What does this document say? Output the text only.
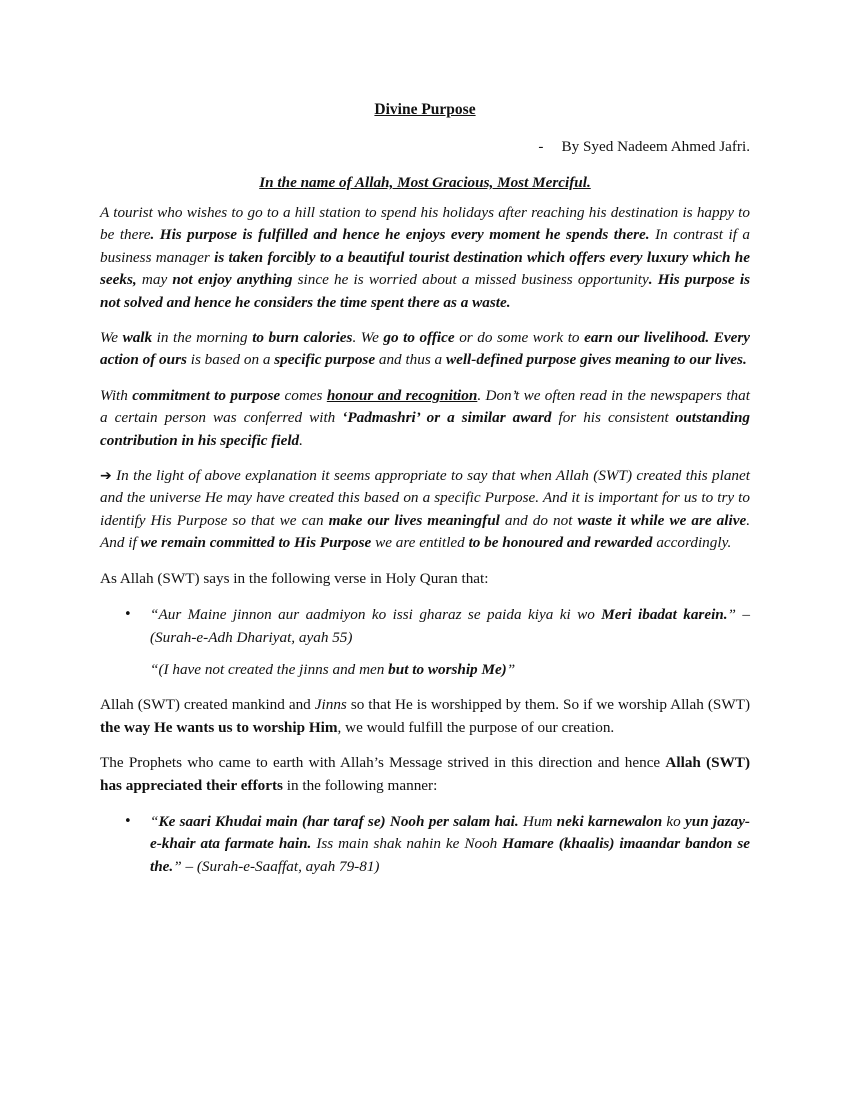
Divine Purpose

- By Syed Nadeem Ahmed Jafri.

In the name of Allah, Most Gracious, Most Merciful.

A tourist who wishes to go to a hill station to spend his holidays after reaching his destination is happy to be there. His purpose is fulfilled and hence he enjoys every moment he spends there. In contrast if a business manager is taken forcibly to a beautiful tourist destination which offers every luxury which he seeks, may not enjoy anything since he is worried about a missed business opportunity. His purpose is not solved and hence he considers the time spent there as a waste.

We walk in the morning to burn calories. We go to office or do some work to earn our livelihood. Every action of ours is based on a specific purpose and thus a well-defined purpose gives meaning to our lives.

With commitment to purpose comes honour and recognition. Don’t we often read in the newspapers that a certain person was conferred with ‘Padmashri’ or a similar award for his consistent outstanding contribution in his specific field.

➔ In the light of above explanation it seems appropriate to say that when Allah (SWT) created this planet and the universe He may have created this based on a specific Purpose. And it is important for us to try to identify His Purpose so that we can make our lives meaningful and do not waste it while we are alive. And if we remain committed to His Purpose we are entitled to be honoured and rewarded accordingly.

As Allah (SWT) says in the following verse in Holy Quran that:

• “Aur Maine jinnon aur aadmiyon ko issi gharaz se paida kiya ki wo Meri ibadat karein.” – (Surah-e-Adh Dhariyat, ayah 55)

“(I have not created the jinns and men but to worship Me)”

Allah (SWT) created mankind and Jinns so that He is worshipped by them. So if we worship Allah (SWT) the way He wants us to worship Him, we would fulfill the purpose of our creation.

The Prophets who came to earth with Allah’s Message strived in this direction and hence Allah (SWT) has appreciated their efforts in the following manner:

• “Ke saari Khudai main (har taraf se) Nooh per salam hai. Hum neki karnewalon ko yun jazay-e-khair ata farmate hain. Iss main shak nahin ke Nooh Hamare (khaalis) imaandar bandon se the.” – (Surah-e-Saaffat, ayah 79-81)
